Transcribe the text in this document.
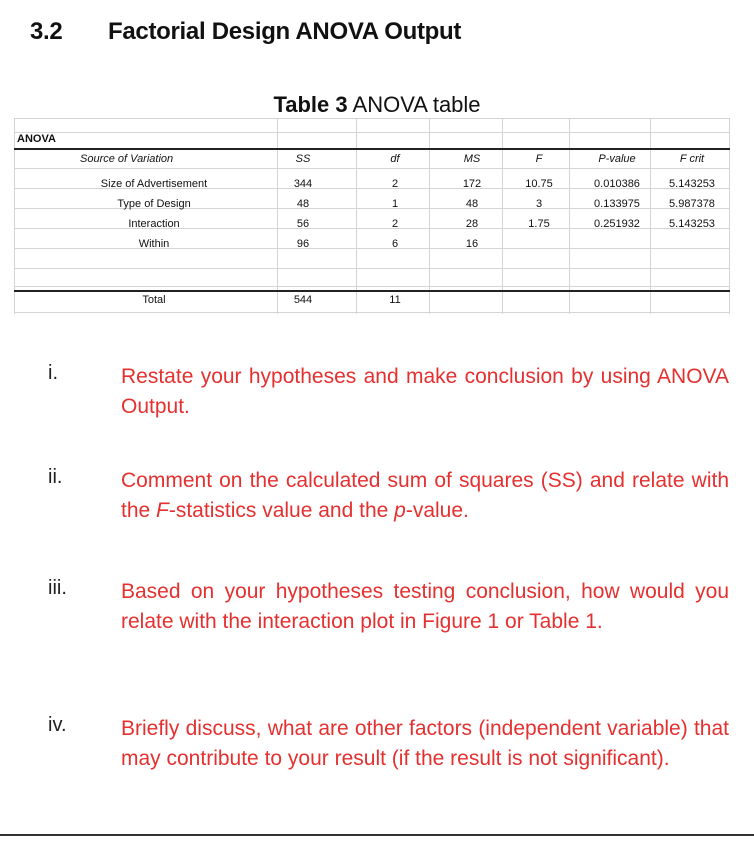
3.2 Factorial Design ANOVA Output
Table 3 ANOVA table
ANOVA
Source of Variation	SS	df	MS	F	P-value	F crit
Size of Advertisement	344	2	172	10.75	0.010386	5.143253
Type of Design	48	1	48	3	0.133975	5.987378
Interaction	56	2	28	1.75	0.251932	5.143253
Within	96	6	16
Total	544	11
i.	Restate your hypotheses and make conclusion by using ANOVA Output.
ii.	Comment on the calculated sum of squares (SS) and relate with the F-statistics value and the p-value.
iii.	Based on your hypotheses testing conclusion, how would you relate with the interaction plot in Figure 1 or Table 1.
iv.	Briefly discuss, what are other factors (independent variable) that may contribute to your result (if the result is not significant).
